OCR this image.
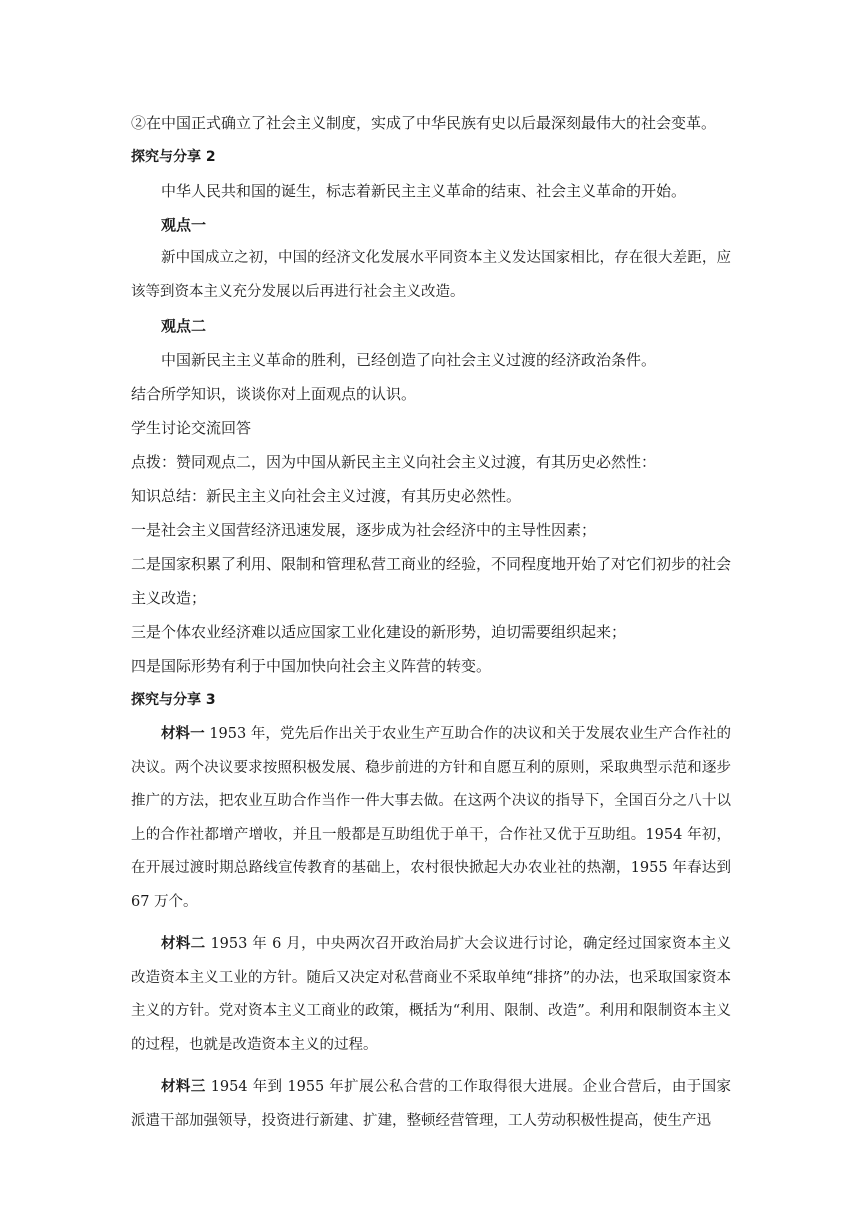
②在中国正式确立了社会主义制度，实成了中华民族有史以后最深刻最伟大的社会变革。
探究与分享 2
中华人民共和国的诞生，标志着新民主主义革命的结束、社会主义革命的开始。
观点一

新中国成立之初，中国的经济文化发展水平同资本主义发达国家相比，存在很大差距，应该等到资本主义充分发展以后再进行社会主义改造。

观点二
中国新民主主义革命的胜利，已经创造了向社会主义过渡的经济政治条件。
结合所学知识，谈谈你对上面观点的认识。
学生讨论交流回答
点拨：赞同观点二，因为中国从新民主主义向社会主义过渡，有其历史必然性：
知识总结：新民主主义向社会主义过渡，有其历史必然性。
一是社会主义国营经济迅速发展，逐步成为社会经济中的主导性因素；

二是国家积累了利用、限制和管理私营工商业的经验，不同程度地开始了对它们初步的社会主义改造；

三是个体农业经济难以适应国家工业化建设的新形势，迫切需要组织起来；
四是国际形势有利于中国加快向社会主义阵营的转变。
探究与分享 3

材料一 1953 年，党先后作出关于农业生产互助合作的决议和关于发展农业生产合作社的决议。两个决议要求按照积极发展、稳步前进的方针和自愿互利的原则，采取典型示范和逐步推广的方法，把农业互助合作当作一件大事去做。在这两个决议的指导下，全国百分之八十以上的合作社都增产增收，并且一般都是互助组优于单干，合作社又优于互助组。1954 年初，在开展过渡时期总路线宣传教育的基础上，农村很快掀起大办农业社的热潮，1955 年春达到 67 万个。

材料二 1953 年 6 月，中央两次召开政治局扩大会议进行讨论，确定经过国家资本主义改造资本主义工业的方针。随后又决定对私营商业不采取单纯“排挤”的办法，也采取国家资本主义的方针。党对资本主义工商业的政策，概括为“利用、限制、改造”。利用和限制资本主义的过程，也就是改造资本主义的过程。

材料三 1954 年到 1955 年扩展公私合营的工作取得很大进展。企业合营后，由于国家派遣干部加强领导，投资进行新建、扩建，整顿经营管理，工人劳动积极性提高，使生产迅
